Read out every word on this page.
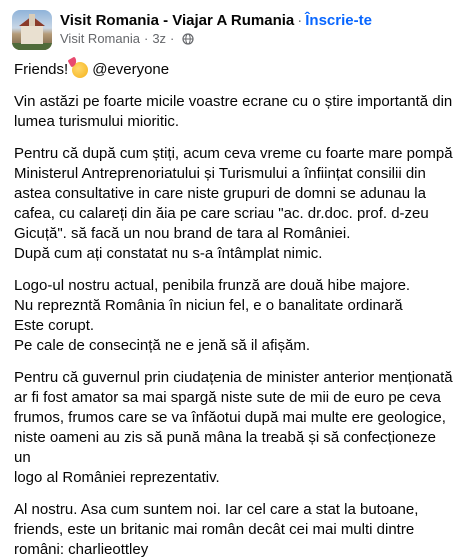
Visit Romania - Viajar A Rumania · Înscrie-te
Visit Romania · 3z ·

Friends! @everyone

Vin astăzi pe foarte micile voastre ecrane cu o știre importantă din
lumea turismului mioritic.

Pentru că după cum știți, acum ceva vreme cu foarte mare pompă
Ministerul Antreprenoriatului și Turismului a înființat consilii din
astea consultative in care niste grupuri de domni se adunau la
cafea, cu calareți din ăia pe care scriau "ac. dr.doc. prof. d-zeu
Gicuță". să facă un nou brand de tara al României.
După cum ați constatat nu s-a întâmplat nimic.

Logo-ul nostru actual, penibila frunză are două hibe majore.
Nu reprezntă România în niciun fel, e o banalitate ordinară
Este corupt.
Pe cale de consecință ne e jenă să il afișăm.

Pentru că guvernul prin ciudațenia de minister anterior menționată
ar fi fost amator sa mai spargă niste sute de mii de euro pe ceva
frumos, frumos care se va înfăotui după mai multe ere geologice,
niste oameni au zis să pună mâna la treabă și să confecționeze un
logo al României reprezentativ.

Al nostru. Asa cum suntem noi. Iar cel care a stat la butoane,
friends, este un britanic mai român decât cei mai multi dintre
români: charlieottley
